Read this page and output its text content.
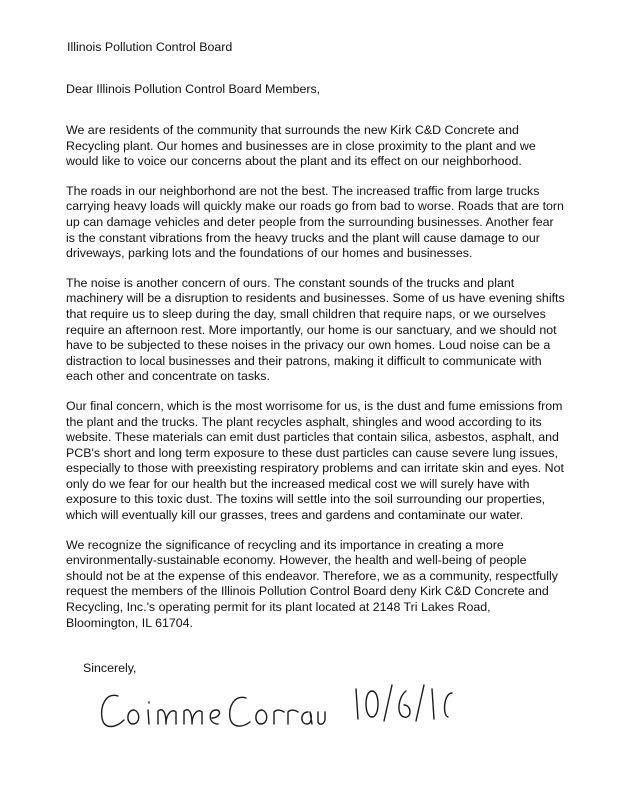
Illinois Pollution Control Board
Dear Illinois Pollution Control Board Members,

We are residents of the community that surrounds the new Kirk C&D Concrete and Recycling plant. Our homes and businesses are in close proximity to the plant and we would like to voice our concerns about the plant and its effect on our neighborhood.

The roads in our neighborhond are not the best. The increased traffic from large trucks carrying heavy loads will quickly make our roads go from bad to worse. Roads that are torn up can damage vehicles and deter people from the surrounding businesses. Another fear is the constant vibrations from the heavy trucks and the plant will cause damage to our driveways, parking lots and the foundations of our homes and businesses.

The noise is another concern of ours. The constant sounds of the trucks and plant machinery will be a disruption to residents and businesses. Some of us have evening shifts that require us to sleep during the day, small children that require naps, or we ourselves require an afternoon rest. More importantly, our home is our sanctuary, and we should not have to be subjected to these noises in the privacy our own homes. Loud noise can be a distraction to local businesses and their patrons, making it difficult to communicate with each other and concentrate on tasks.

Our final concern, which is the most worrisome for us, is the dust and fume emissions from the plant and the trucks. The plant recycles asphalt, shingles and wood according to its website. These materials can emit dust particles that contain silica, asbestos, asphalt, and PCB's short and long term exposure to these dust particles can cause severe lung issues, especially to those with preexisting respiratory problems and can irritate skin and eyes. Not only do we fear for our health but the increased medical cost we will surely have with exposure to this toxic dust. The toxins will settle into the soil surrounding our properties, which will eventually kill our grasses, trees and gardens and contaminate our water.

We recognize the significance of recycling and its importance in creating a more environmentally-sustainable economy. However, the health and well-being of people should not be at the expense of this endeavor. Therefore, we as a community, respectfully request the members of the Illinois Pollution Control Board deny Kirk C&D Concrete and Recycling, Inc.'s operating permit for its plant located at 2148 Tri Lakes Road, Bloomington, IL 61704.

Sincerely,
